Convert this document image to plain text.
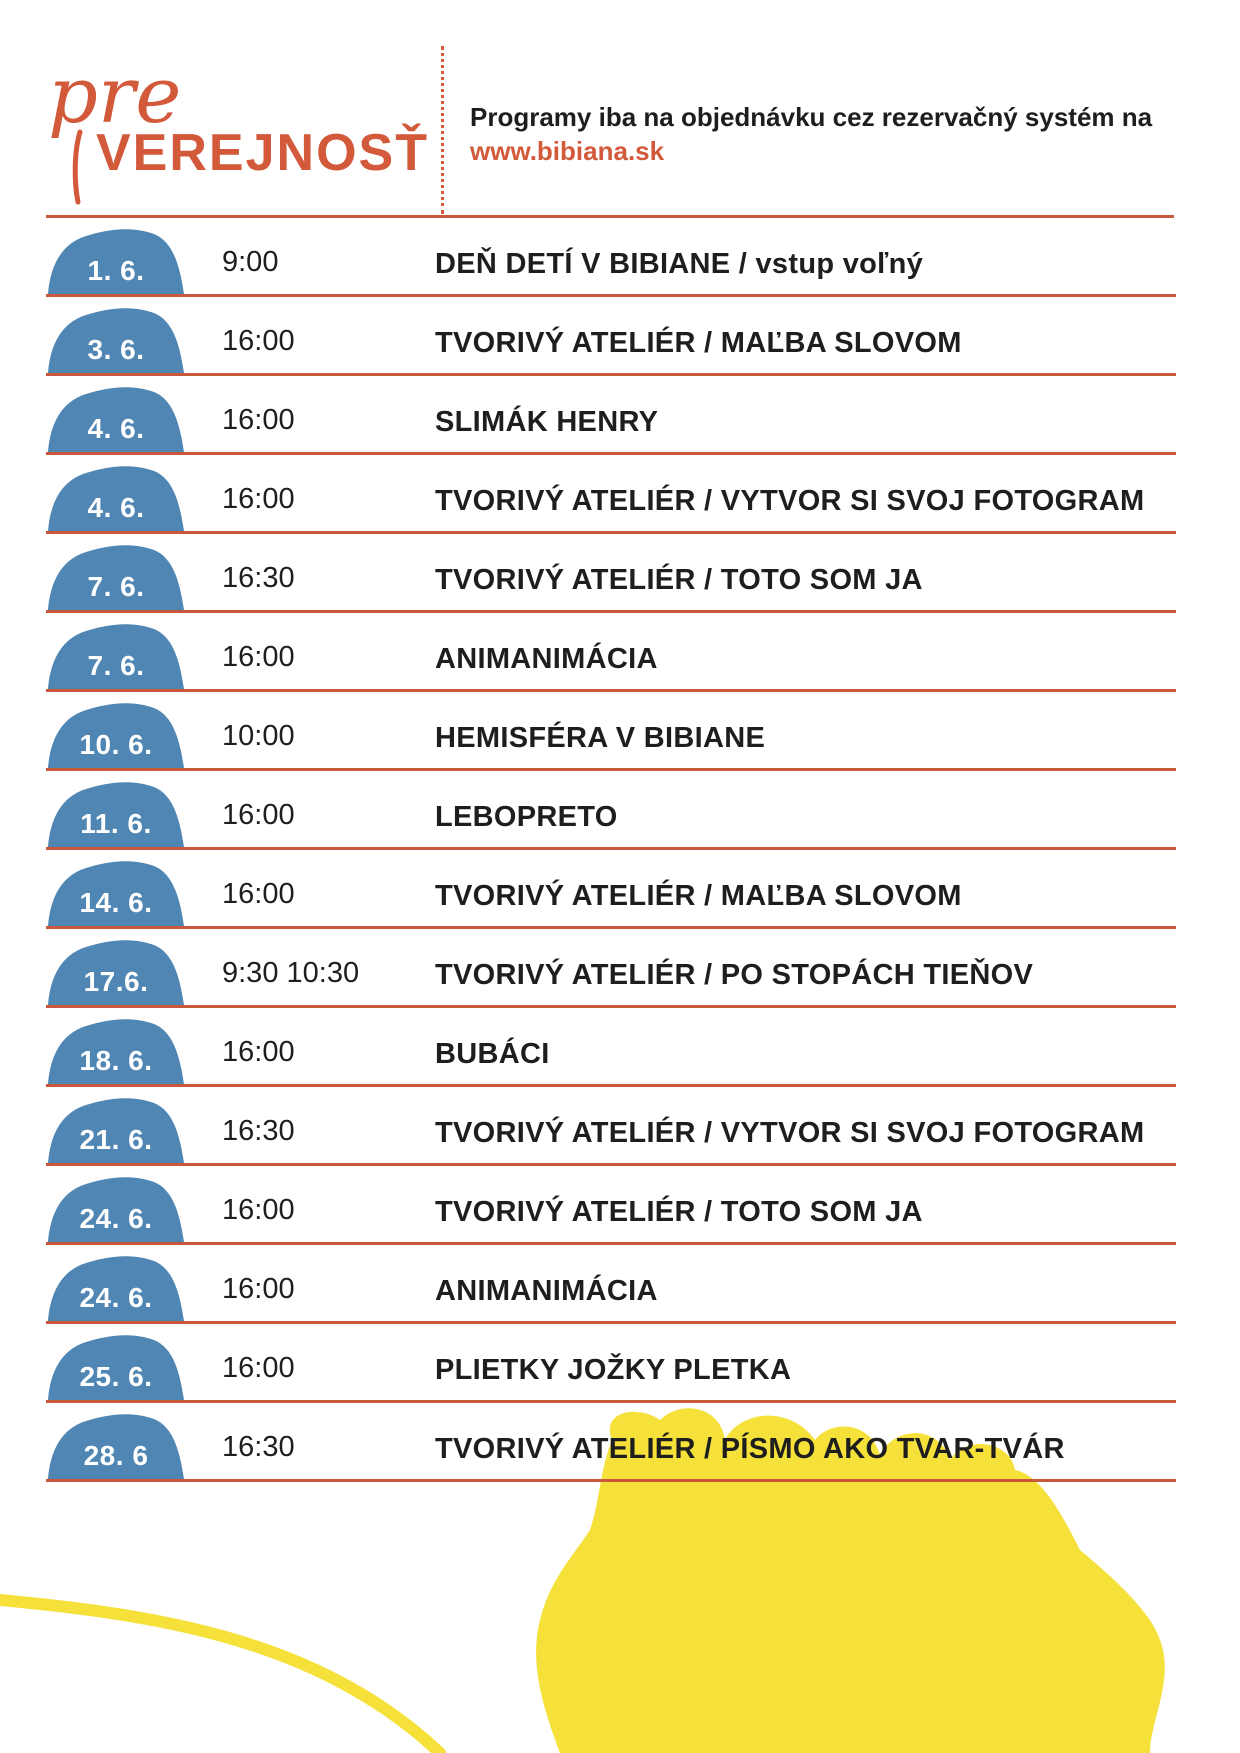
pre
VEREJNOSŤ
Programy iba na objednávku cez rezervačný systém na
www.bibiana.sk
1. 6.	9:00	DEŇ DETÍ V BIBIANE / vstup voľný
3. 6.	16:00	TVORIVÝ ATELIÉR / MAĽBA SLOVOM
4. 6.	16:00	SLIMÁK HENRY
4. 6.	16:00	TVORIVÝ ATELIÉR / VYTVOR SI SVOJ FOTOGRAM
7. 6.	16:30	TVORIVÝ ATELIÉR / TOTO SOM JA
7. 6.	16:00	ANIMANIMÁCIA
10. 6.	10:00	HEMISFÉRA V BIBIANE
11. 6.	16:00	LEBOPRETO
14. 6.	16:00	TVORIVÝ ATELIÉR / MAĽBA SLOVOM
17.6.	9:30 10:30	TVORIVÝ ATELIÉR / PO STOPÁCH TIEŇOV
18. 6.	16:00	BUBÁCI
21. 6.	16:30	TVORIVÝ ATELIÉR / VYTVOR SI SVOJ FOTOGRAM
24. 6.	16:00	TVORIVÝ ATELIÉR / TOTO SOM JA
24. 6.	16:00	ANIMANIMÁCIA
25. 6.	16:00	PLIETKY JOŽKY PLETKA
28. 6	16:30	TVORIVÝ ATELIÉR / PÍSMO AKO TVAR-TVÁR
